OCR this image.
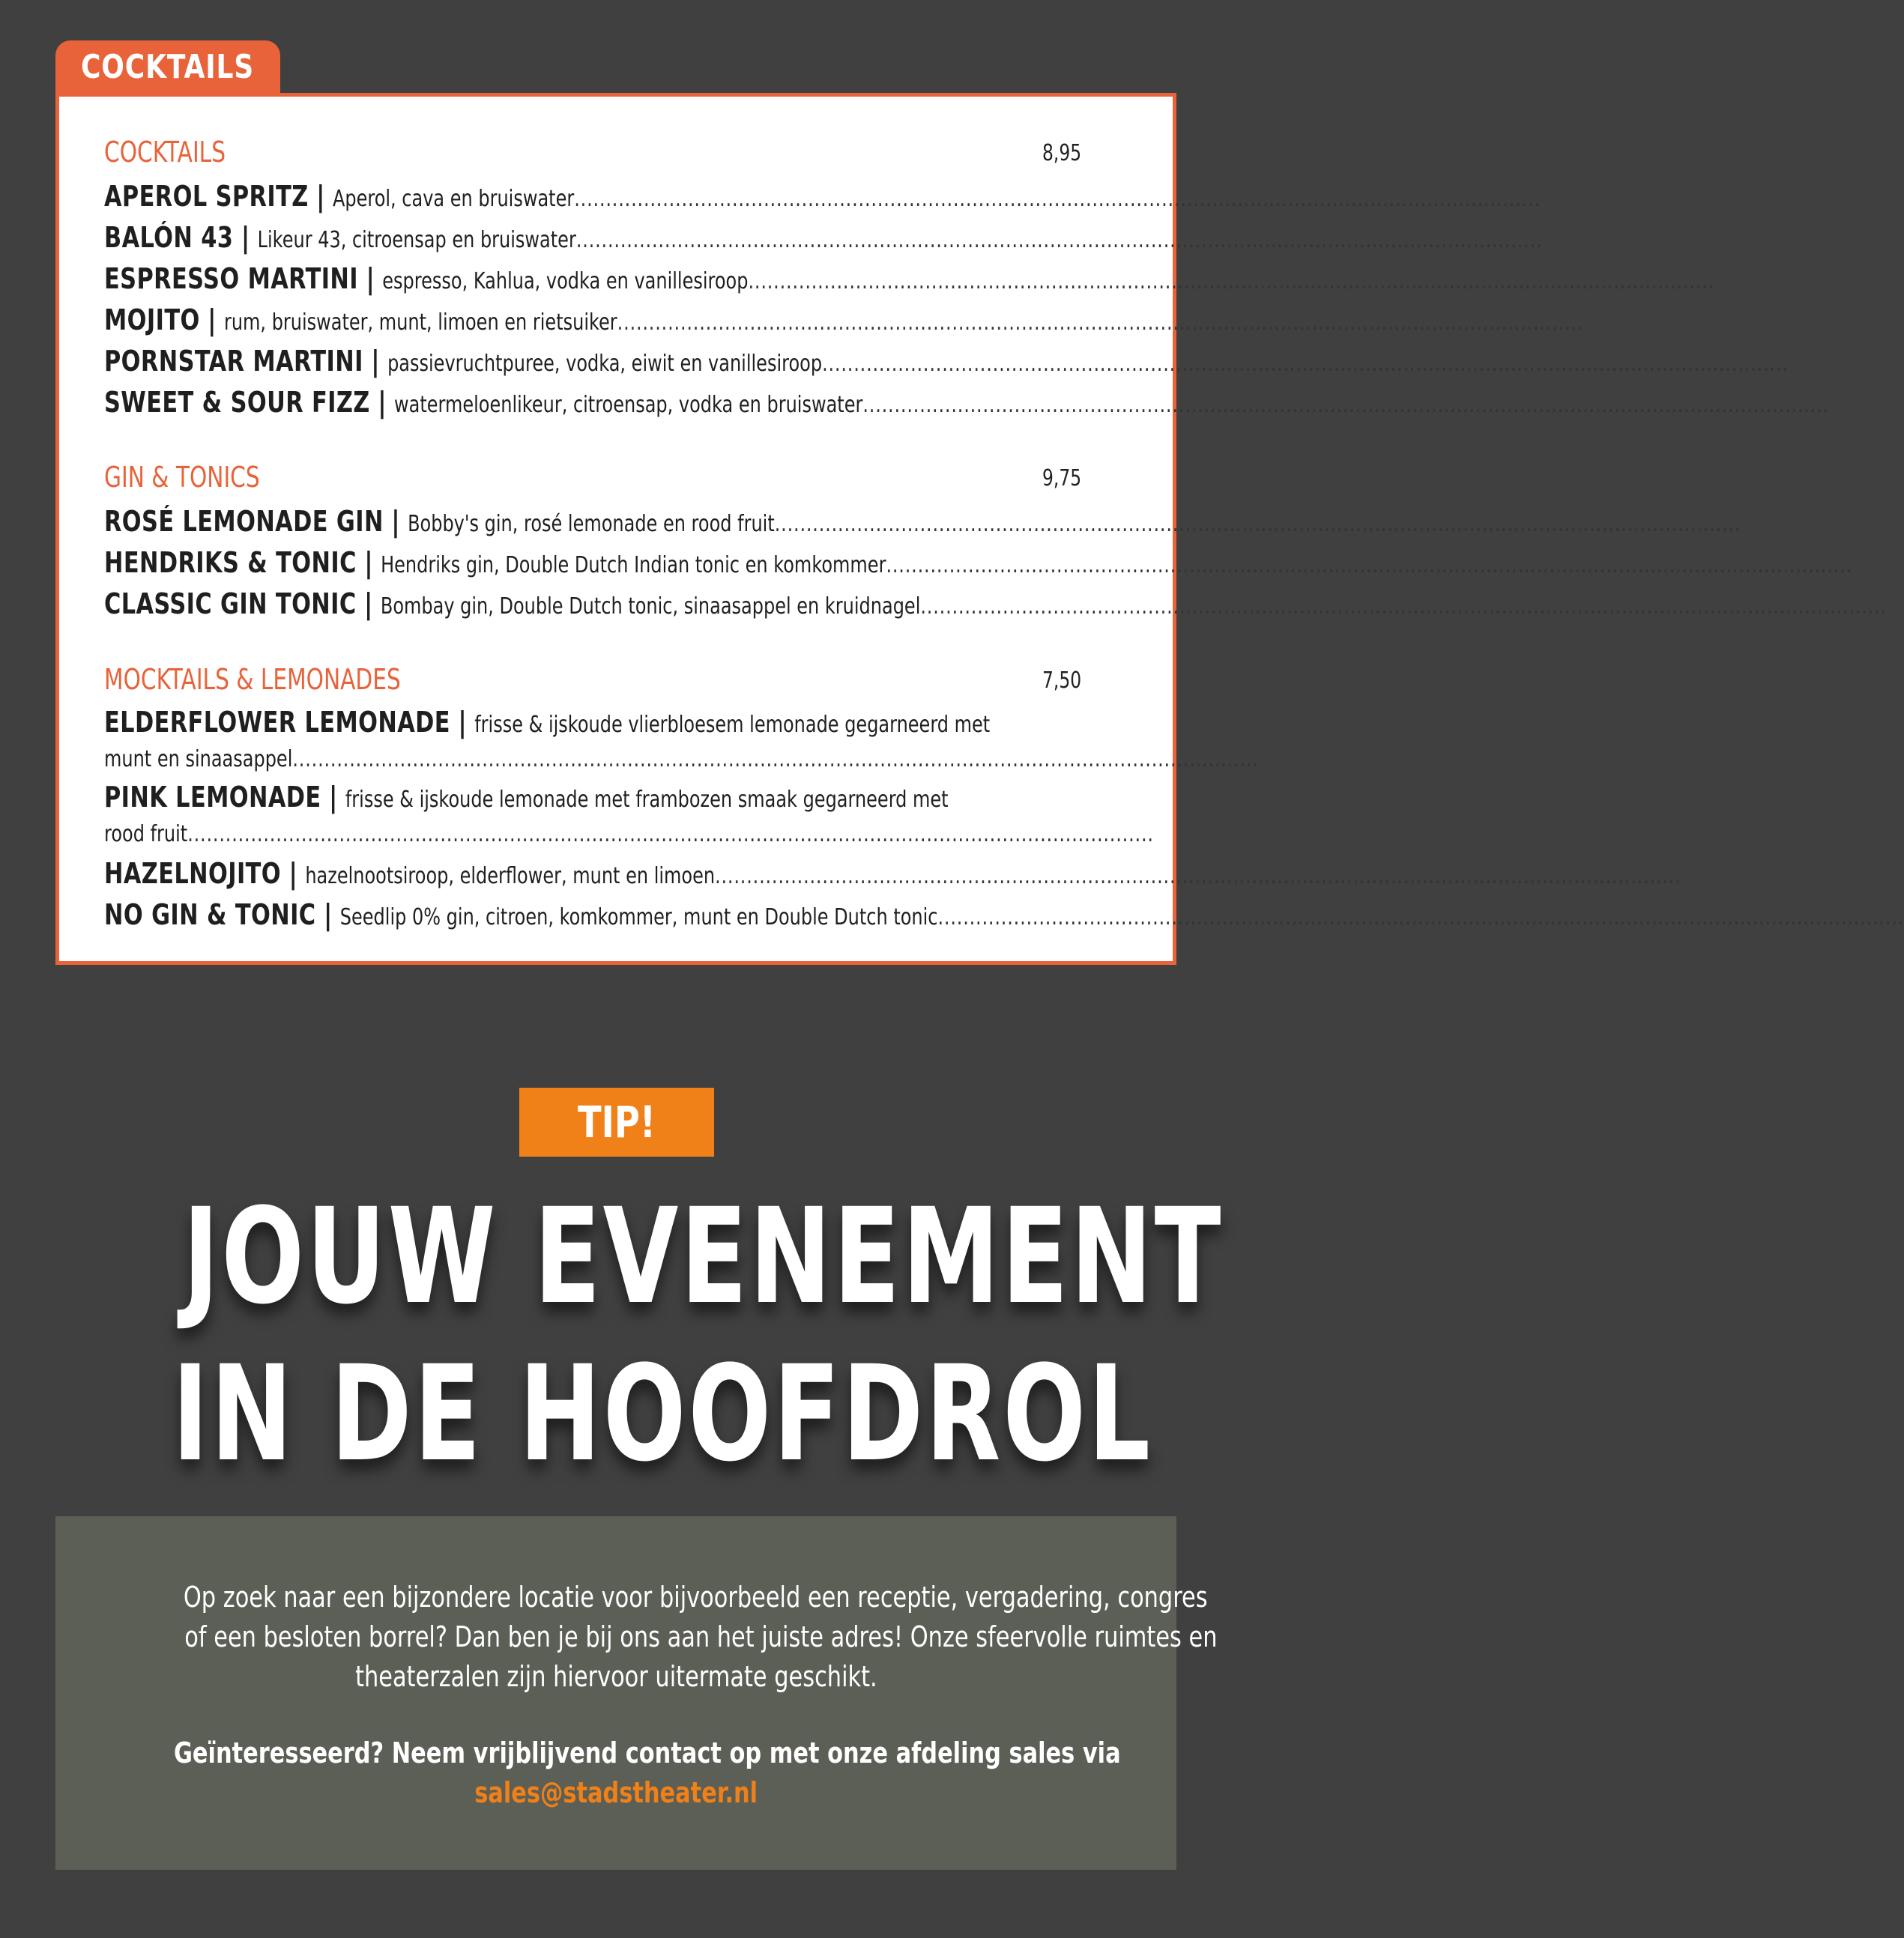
COCKTAILS
COCKTAILS	8,95
APEROL SPRITZ | Aperol, cava en bruiswater.........................................................................................................................................................
BALÓN 43 | Likeur 43, citroensap en bruiswater.........................................................................................................................................................
ESPRESSO MARTINI | espresso, Kahlua, vodka en vanillesiroop.........................................................................................................................................................
MOJITO | rum, bruiswater, munt, limoen en rietsuiker.........................................................................................................................................................
PORNSTAR MARTINI | passievruchtpuree, vodka, eiwit en vanillesiroop.........................................................................................................................................................
SWEET & SOUR FIZZ | watermeloenlikeur, citroensap, vodka en bruiswater.........................................................................................................................................................
GIN & TONICS	9,75
ROSÉ LEMONADE GIN | Bobby's gin, rosé lemonade en rood fruit.........................................................................................................................................................
HENDRIKS & TONIC | Hendriks gin, Double Dutch Indian tonic en komkommer.........................................................................................................................................................
CLASSIC GIN TONIC | Bombay gin, Double Dutch tonic, sinaasappel en kruidnagel.........................................................................................................................................................
MOCKTAILS & LEMONADES	7,50
ELDERFLOWER LEMONADE | frisse & ijskoude vlierbloesem lemonade gegarneerd met
munt en sinaasappel.........................................................................................................................................................
PINK LEMONADE | frisse & ijskoude lemonade met frambozen smaak gegarneerd met
rood fruit.........................................................................................................................................................
HAZELNOJITO | hazelnootsiroop, elderflower, munt en limoen.........................................................................................................................................................
NO GIN & TONIC | Seedlip 0% gin, citroen, komkommer, munt en Double Dutch tonic.........................................................................................................................................................
TIP!
JOUW EVENEMENT
IN DE HOOFDROL
Op zoek naar een bijzondere locatie voor bijvoorbeeld een receptie, vergadering, congres
of een besloten borrel? Dan ben je bij ons aan het juiste adres! Onze sfeervolle ruimtes en
theaterzalen zijn hiervoor uitermate geschikt.
Geïnteresseerd? Neem vrijblijvend contact op met onze afdeling sales via
sales@stadstheater.nl
